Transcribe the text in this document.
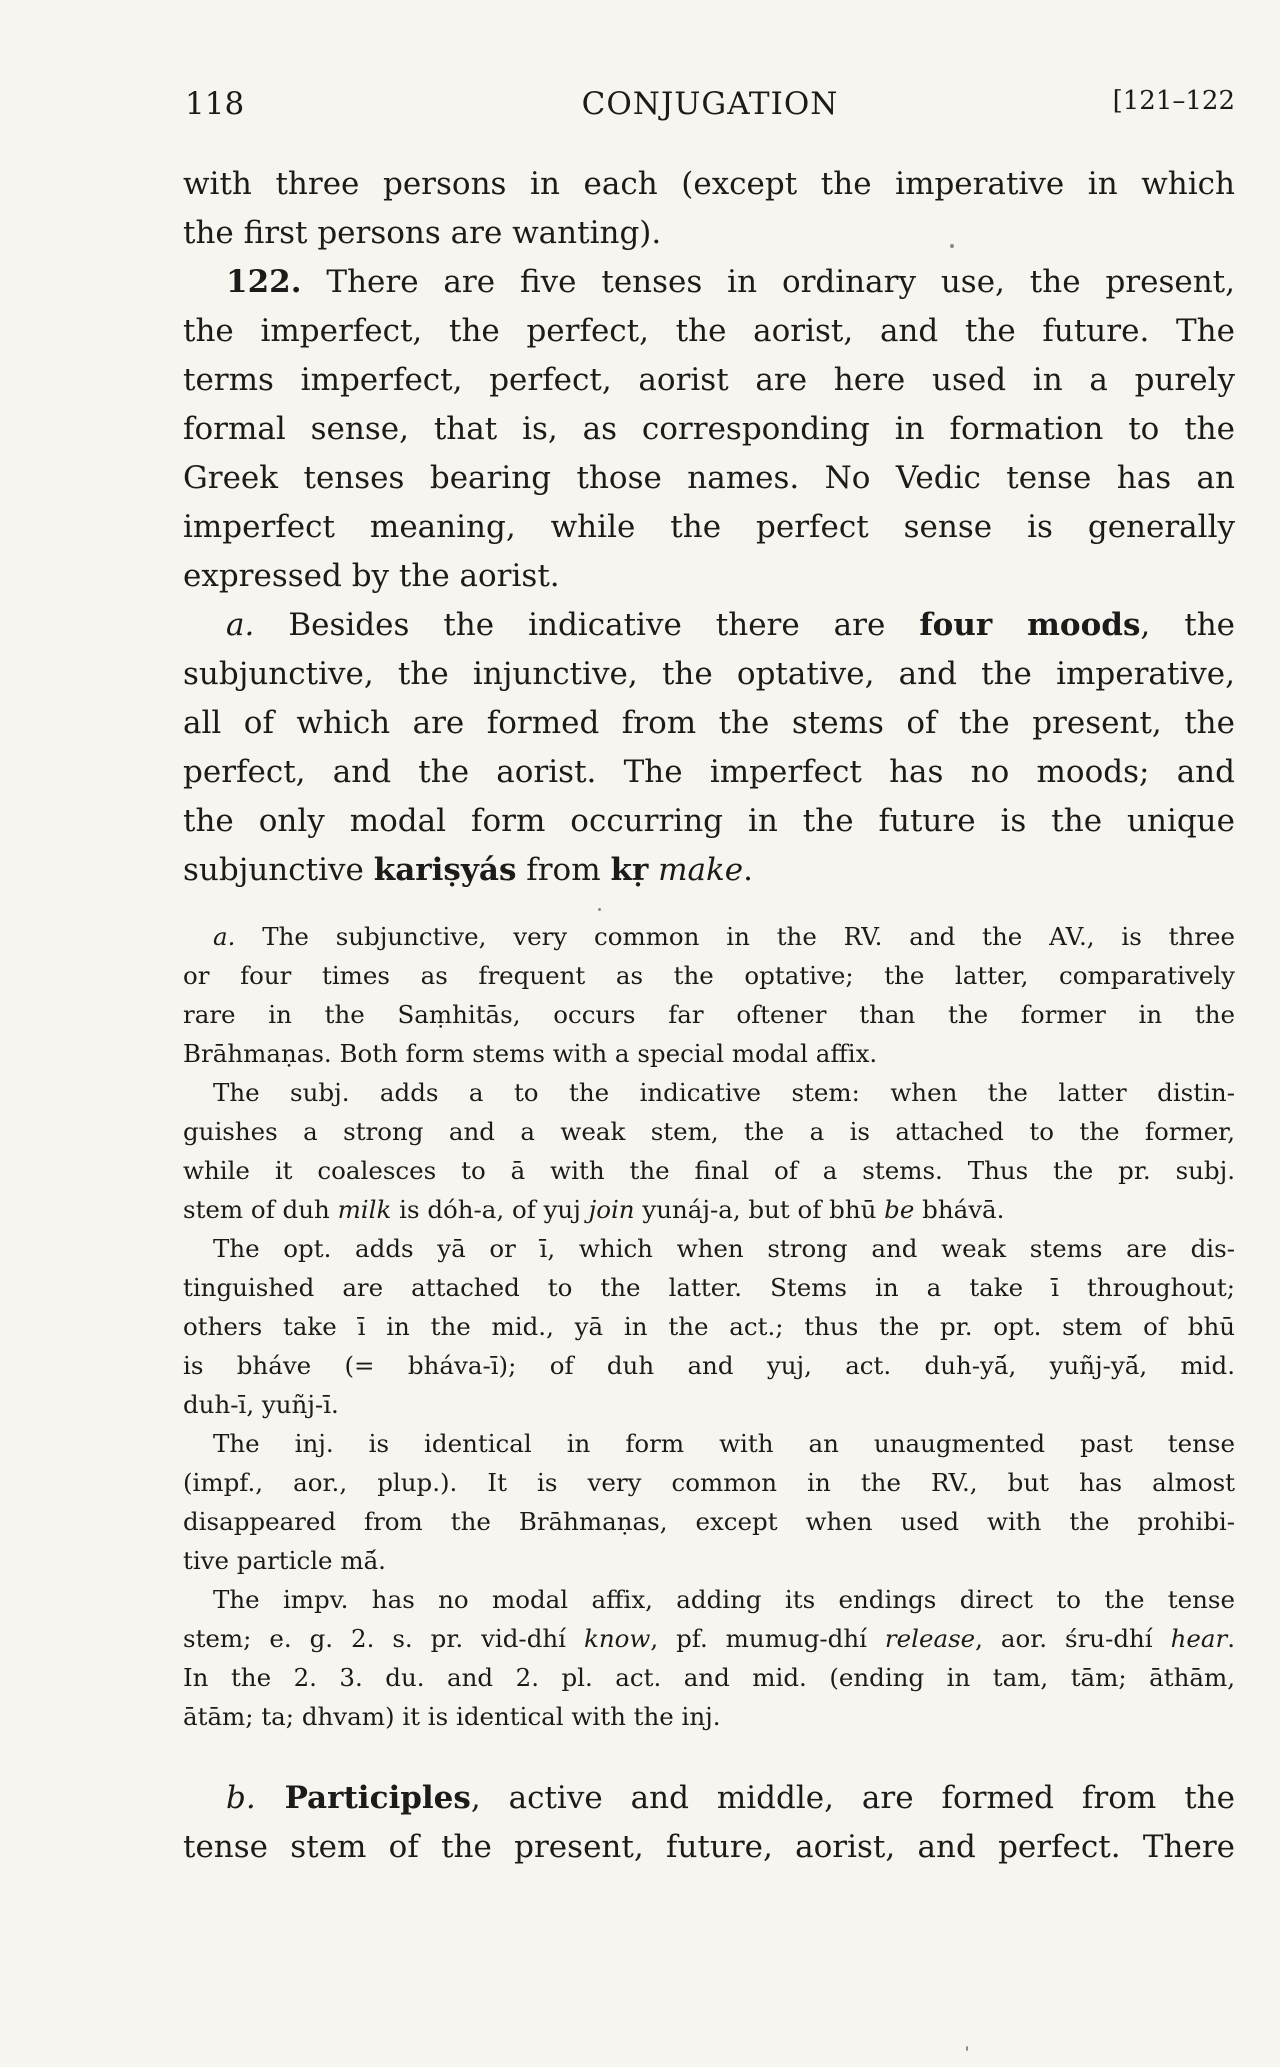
118	CONJUGATION	[121–122
with three persons in each (except the imperative in which
the first persons are wanting).
122. There are five tenses in ordinary use, the present,
the imperfect, the perfect, the aorist, and the future. The
terms imperfect, perfect, aorist are here used in a purely
formal sense, that is, as corresponding in formation to the
Greek tenses bearing those names. No Vedic tense has an
imperfect meaning, while the perfect sense is generally
expressed by the aorist.
a. Besides the indicative there are four moods, the
subjunctive, the injunctive, the optative, and the imperative,
all of which are formed from the stems of the present, the
perfect, and the aorist. The imperfect has no moods; and
the only modal form occurring in the future is the unique
subjunctive kariṣyás from kṛ make.
a. The subjunctive, very common in the RV. and the AV., is three
or four times as frequent as the optative; the latter, comparatively
rare in the Saṃhitās, occurs far oftener than the former in the
Brāhmaṇas. Both form stems with a special modal affix.
The subj. adds a to the indicative stem: when the latter distin-
guishes a strong and a weak stem, the a is attached to the former,
while it coalesces to ā with the final of a stems. Thus the pr. subj.
stem of duh milk is dóh-a, of yuj join yunáj-a, but of bhū be bhávā.
The opt. adds yā or ī, which when strong and weak stems are dis-
tinguished are attached to the latter. Stems in a take ī throughout;
others take ī in the mid., yā in the act.; thus the pr. opt. stem of bhū
is bháve (= bháva-ī); of duh and yuj, act. duh-yā́, yuñj-yā́, mid.
duh-ī, yuñj-ī.
The inj. is identical in form with an unaugmented past tense
(impf., aor., plup.). It is very common in the RV., but has almost
disappeared from the Brāhmaṇas, except when used with the prohibi-
tive particle mā́.
The impv. has no modal affix, adding its endings direct to the tense
stem; e. g. 2. s. pr. vid-dhí know, pf. mumug-dhí release, aor. śru-dhí hear.
In the 2. 3. du. and 2. pl. act. and mid. (ending in tam, tām; āthām,
ātām; ta; dhvam) it is identical with the inj.
b. Participles, active and middle, are formed from the
tense stem of the present, future, aorist, and perfect. There
